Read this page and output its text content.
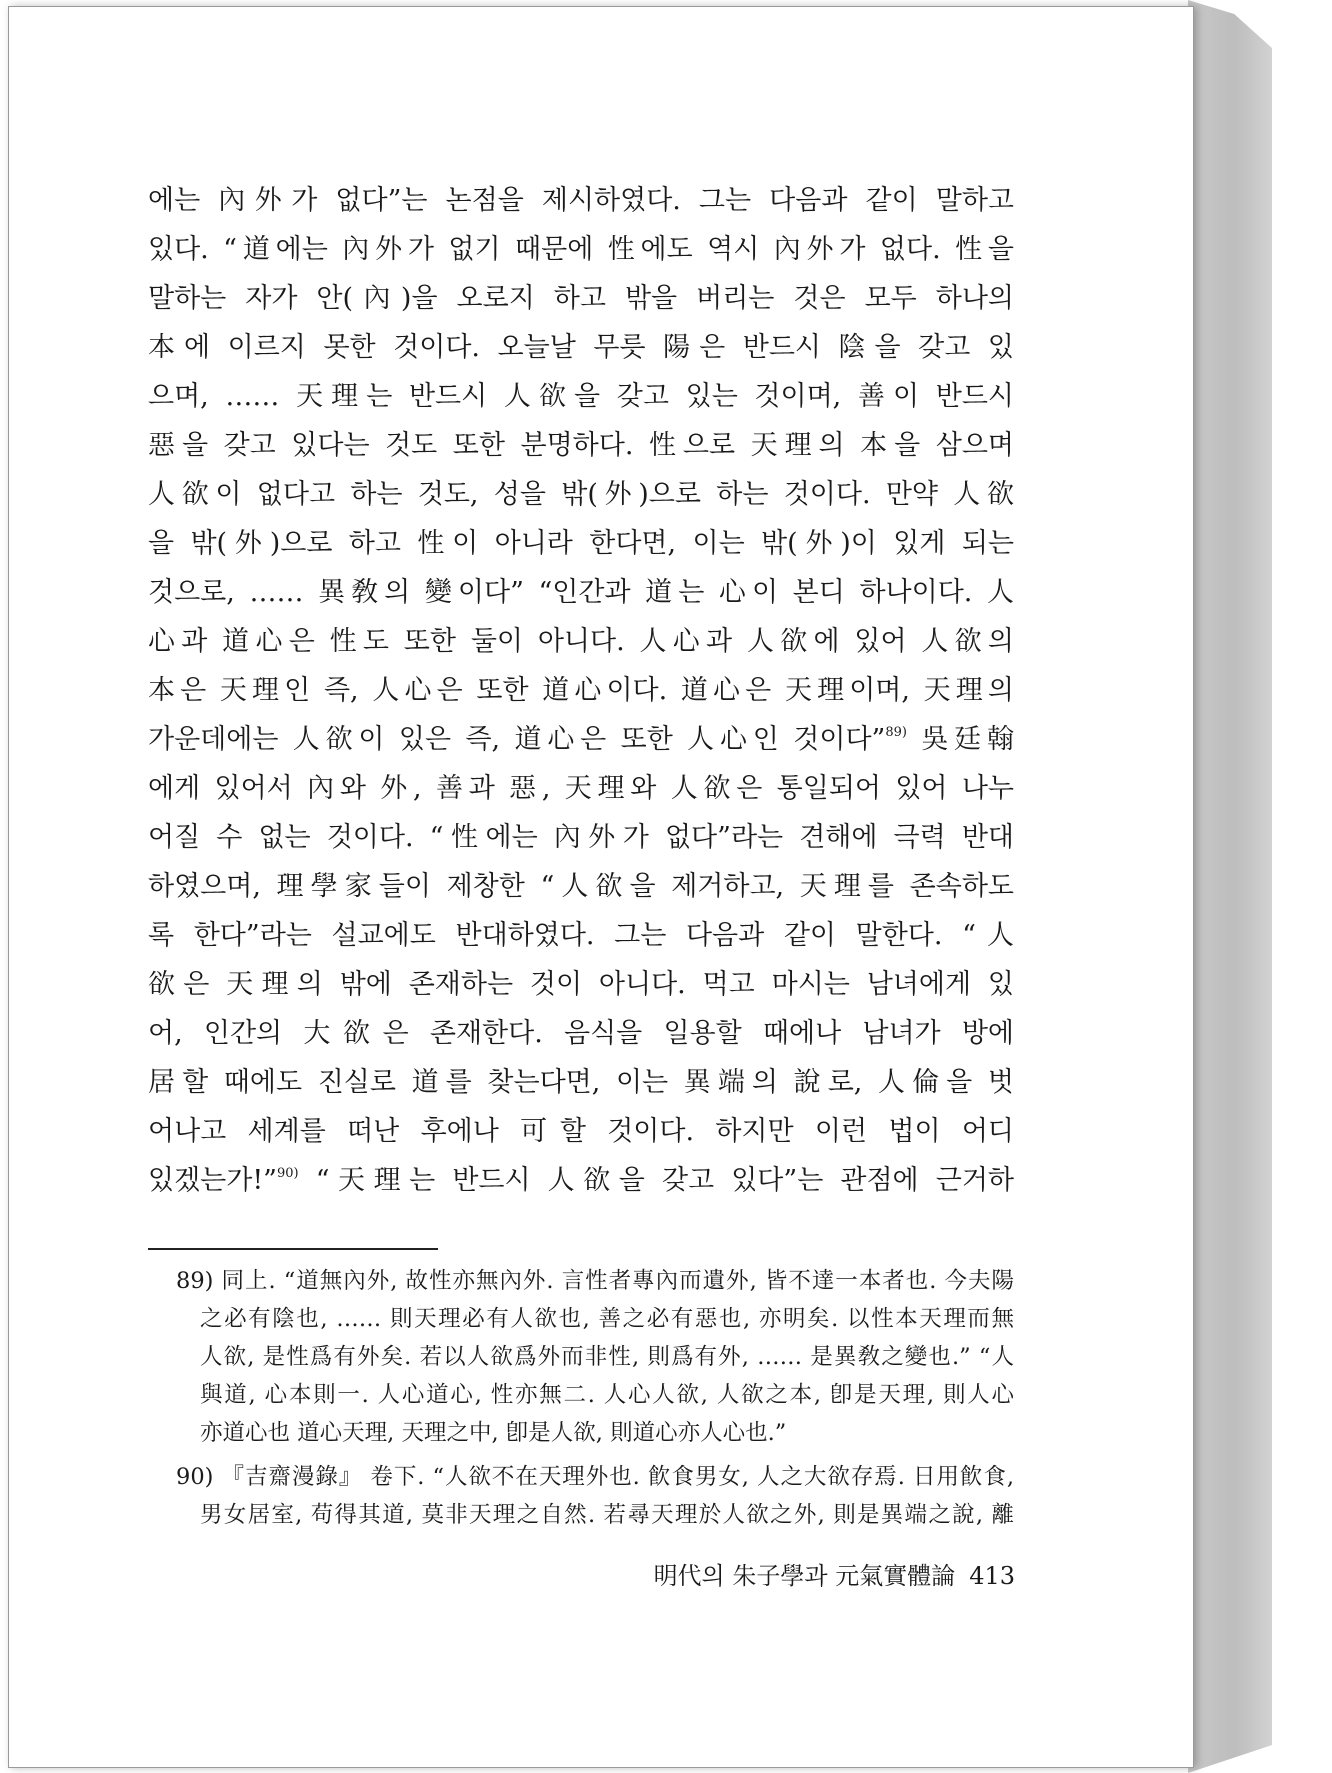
에는 內外가 없다”는 논점을 제시하였다. 그는 다음과 같이 말하고
있다. “道에는 內外가 없기 때문에 性에도 역시 內外가 없다. 性을
말하는 자가 안(內)을 오로지 하고 밖을 버리는 것은 모두 하나의
本에 이르지 못한 것이다. 오늘날 무릇 陽은 반드시 陰을 갖고 있
으며, …… 天理는 반드시 人欲을 갖고 있는 것이며, 善이 반드시
惡을 갖고 있다는 것도 또한 분명하다. 性으로 天理의 本을 삼으며
人欲이 없다고 하는 것도, 성을 밖(外)으로 하는 것이다. 만약 人欲
을 밖(外)으로 하고 性이 아니라 한다면, 이는 밖(外)이 있게 되는
것으로, …… 異敎의 變이다” “인간과 道는 心이 본디 하나이다. 人
心과 道心은 性도 또한 둘이 아니다. 人心과 人欲에 있어 人欲의
本은 天理인 즉, 人心은 또한 道心이다. 道心은 天理이며, 天理의
가운데에는 人欲이 있은 즉, 道心은 또한 人心인 것이다”$^{89)}$ 吳廷翰
에게 있어서 內와 外, 善과 惡, 天理와 人欲은 통일되어 있어 나누
어질 수 없는 것이다. “性에는 內外가 없다”라는 견해에 극력 반대
하였으며, 理學家들이 제창한 “人欲을 제거하고, 天理를 존속하도
록 한다”라는 설교에도 반대하였다. 그는 다음과 같이 말한다. “人
欲은 天理의 밖에 존재하는 것이 아니다. 먹고 마시는 남녀에게 있
어, 인간의 大欲은 존재한다. 음식을 일용할 때에나 남녀가 방에
居할 때에도 진실로 道를 찾는다면, 이는 異端의 說로, 人倫을 벗
어나고 세계를 떠난 후에나 可할 것이다. 하지만 이런 법이 어디
있겠는가!”$^{90)}$ “天理는 반드시 人欲을 갖고 있다”는 관점에 근거하
89) 同上. “道無內外, 故性亦無內外. 言性者專內而遺外, 皆不達一本者也. 今夫陽
之必有陰也, …… 則天理必有人欲也, 善之必有惡也, 亦明矣. 以性本天理而無
人欲, 是性爲有外矣. 若以人欲爲外而非性, 則爲有外, …… 是異敎之變也.” “人
與道, 心本則一. 人心道心, 性亦無二. 人心人欲, 人欲之本, 卽是天理, 則人心
亦道心也 道心天理, 天理之中, 卽是人欲, 則道心亦人心也.”
90) 『吉齋漫錄』 卷下. “人欲不在天理外也. 飮食男女, 人之大欲存焉. 日用飮食,
男女居室, 苟得其道, 莫非天理之自然. 若尋天理於人欲之外, 則是異端之說, 離
明代의 朱子學과 元氣實體論 413
